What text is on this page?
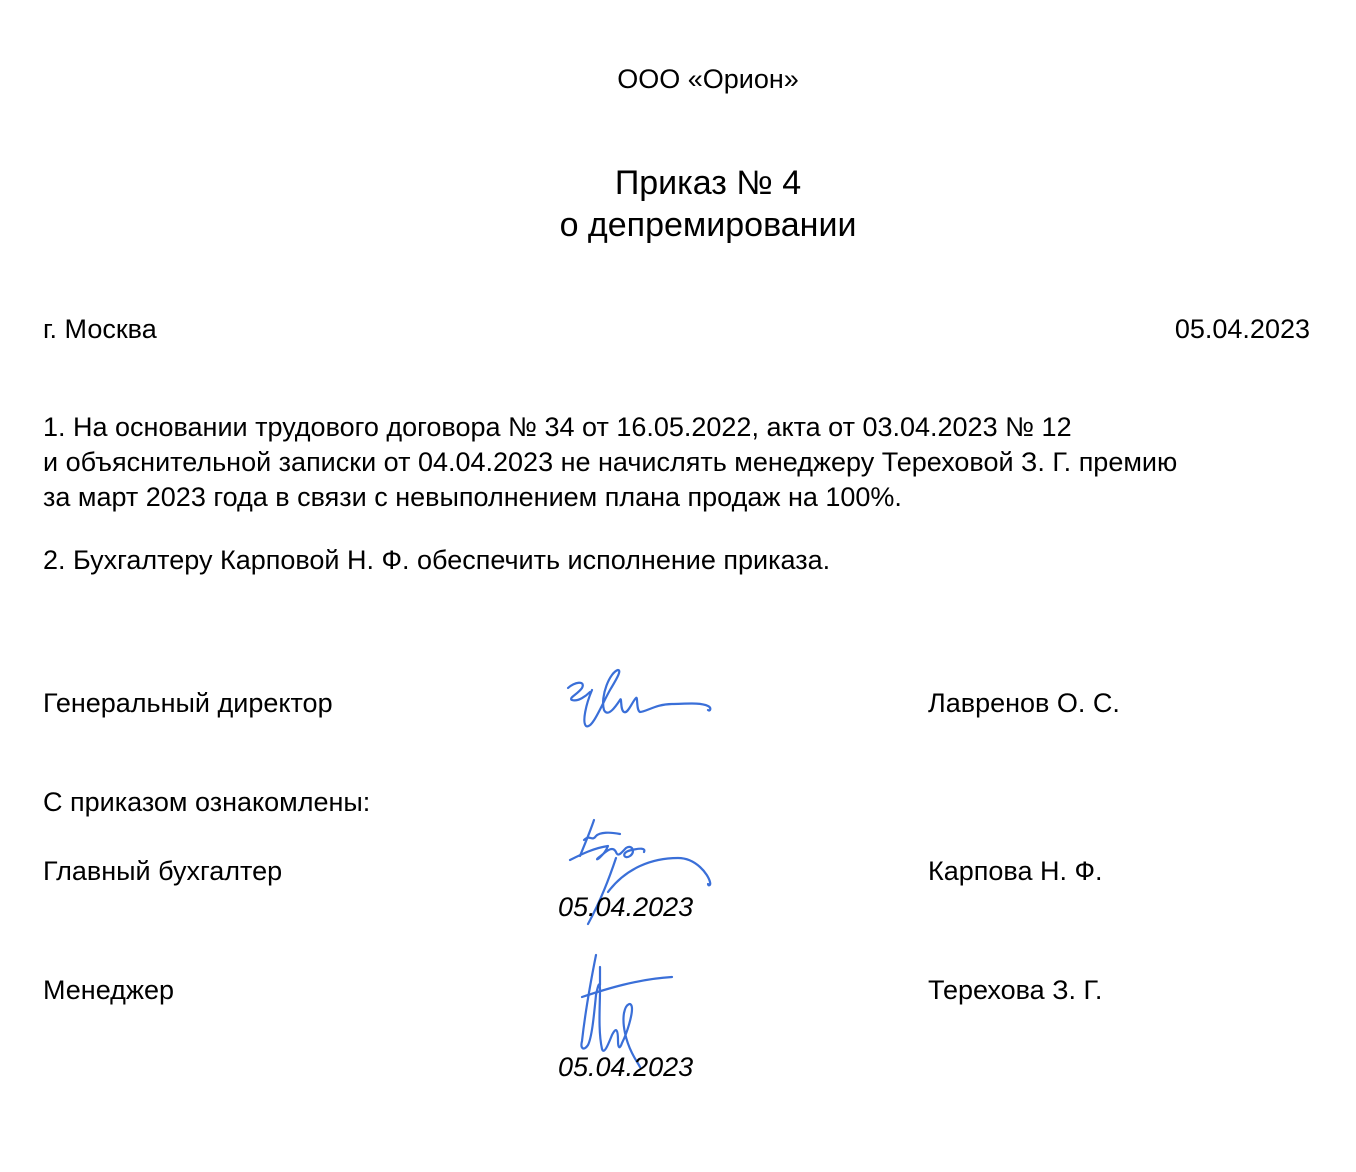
ООО «Орион»
Приказ № 4
о депремировании
г. Москва	05.04.2023
1. На основании трудового договора № 34 от 16.05.2022, акта от 03.04.2023 № 12
и объяснительной записки от 04.04.2023 не начислять менеджеру Тереховой З. Г. премию
за март 2023 года в связи с невыполнением плана продаж на 100%.
2. Бухгалтеру Карповой Н. Ф. обеспечить исполнение приказа.
Генеральный директор	Лавренов О. С.
С приказом ознакомлены:
Главный бухгалтер
05.04.2023
Карпова Н. Ф.
Менеджер
05.04.2023
Терехова З. Г.
